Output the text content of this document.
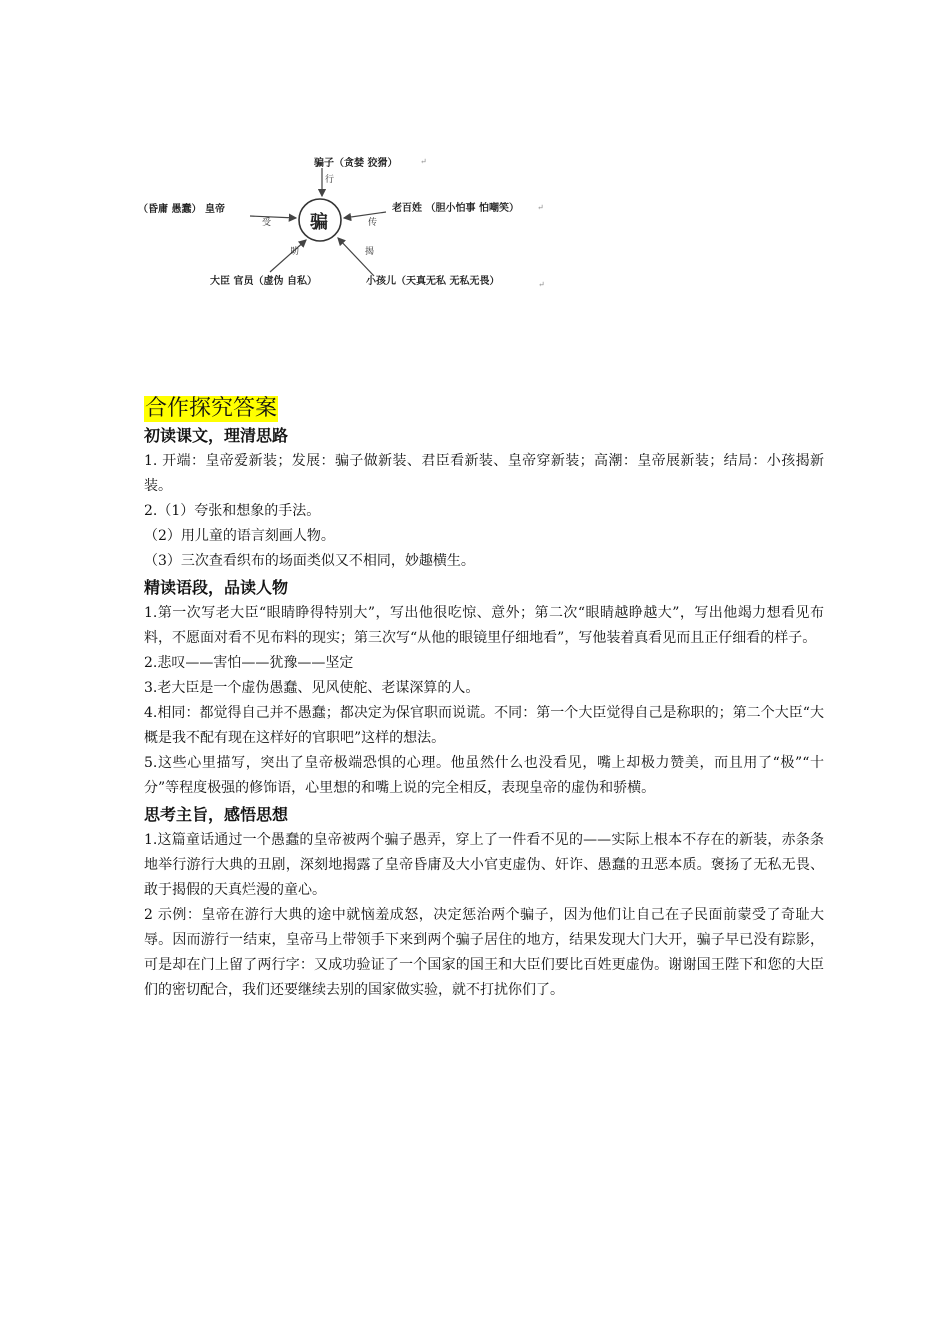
骗
骗子（贪婪 狡猾）	↵
行
（昏庸 愚蠢） 皇帝
受
老百姓 （胆小怕事 怕嘲笑） ↵
传
助	揭
大臣 官员（虚伪 自私）	小孩儿（天真无私 无私无畏）	↵
合作探究答案
初读课文，理清思路

1. 开端：皇帝爱新装；发展：骗子做新装、君臣看新装、皇帝穿新装；高潮：皇帝展新装；结局：小孩揭新装。

2.（1）夸张和想象的手法。

（2）用儿童的语言刻画人物。

（3）三次查看织布的场面类似又不相同，妙趣横生。

精读语段，品读人物

1.第一次写老大臣“眼睛睁得特别大”，写出他很吃惊、意外；第二次“眼睛越睁越大”，写出他竭力想看见布料，不愿面对看不见布料的现实；第三次写“从他的眼镜里仔细地看”，写他装着真看见而且正仔细看的样子。

2.悲叹——害怕——犹豫——坚定

3.老大臣是一个虚伪愚蠢、见风使舵、老谋深算的人。

4.相同：都觉得自己并不愚蠢；都决定为保官职而说谎。不同：第一个大臣觉得自己是称职的；第二个大臣“大概是我不配有现在这样好的官职吧”这样的想法。

5.这些心里描写，突出了皇帝极端恐惧的心理。他虽然什么也没看见，嘴上却极力赞美，而且用了“极”“十分”等程度极强的修饰语，心里想的和嘴上说的完全相反，表现皇帝的虚伪和骄横。

思考主旨，感悟思想

1.这篇童话通过一个愚蠢的皇帝被两个骗子愚弄，穿上了一件看不见的——实际上根本不存在的新装，赤条条地举行游行大典的丑剧，深刻地揭露了皇帝昏庸及大小官吏虚伪、奸诈、愚蠢的丑恶本质。褒扬了无私无畏、敢于揭假的天真烂漫的童心。

2 示例：皇帝在游行大典的途中就恼羞成怒，决定惩治两个骗子，因为他们让自己在子民面前蒙受了奇耻大辱。因而游行一结束，皇帝马上带领手下来到两个骗子居住的地方，结果发现大门大开，骗子早已没有踪影，可是却在门上留了两行字：又成功验证了一个国家的国王和大臣们要比百姓更虚伪。谢谢国王陛下和您的大臣们的密切配合，我们还要继续去别的国家做实验，就不打扰你们了。
